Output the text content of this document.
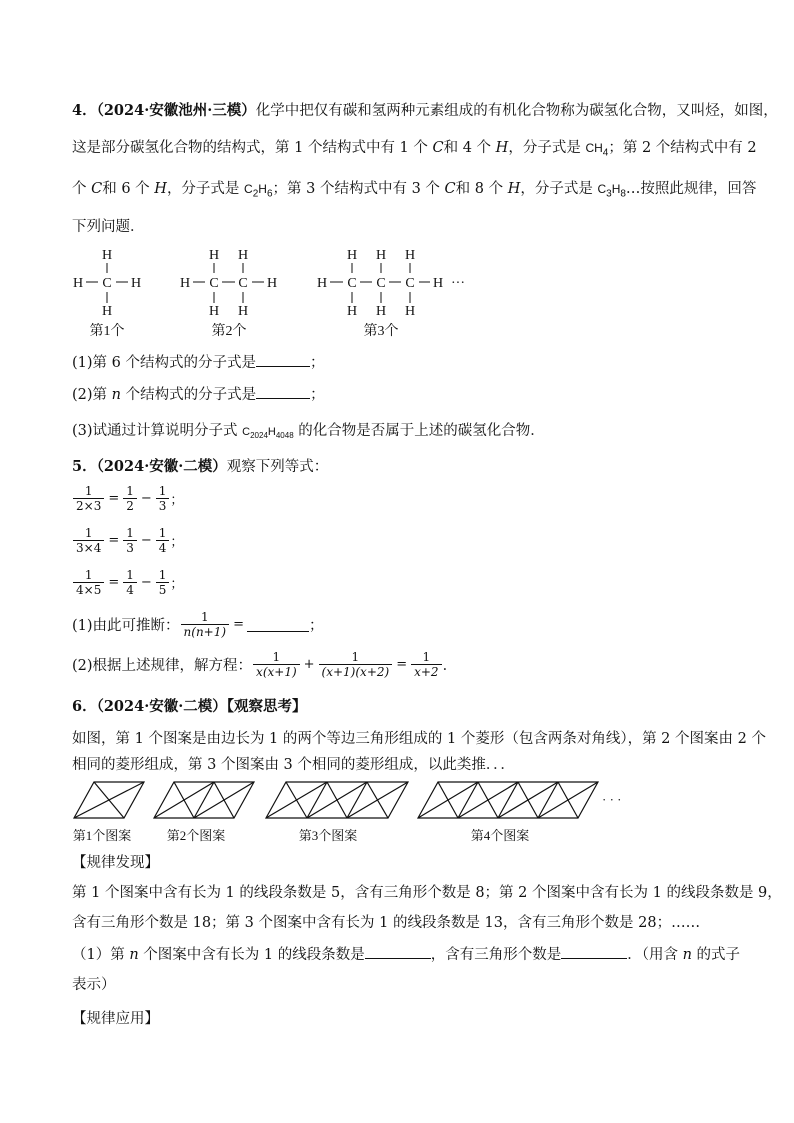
4．（2024·安徽池州·三模）化学中把仅有碳和氢两种元素组成的有机化合物称为碳氢化合物，又叫烃，如图，
这是部分碳氢化合物的结构式，第 1 个结构式中有 1 个 C和 4 个 H，分子式是 $CH_4$；第 2 个结构式中有 2
个 C和 6 个 H，分子式是 $C_2H_6$；第 3 个结构式中有 3 个 C和 8 个 H，分子式是 $C_3H_8\dots$按照此规律，回答
下列问题．
H
H C H
H
第1个
H H
H C C H
H H
第2个
H H H
H C C C H ···
H H H
第3个
(1)第 6 个结构式的分子式是	；
(2)第 n 个结构式的分子式是	；
(3)试通过计算说明分子式 $C_{2024}H_{4048}$ 的化合物是否属于上述的碳氢化合物．
5．（2024·安徽·二模）观察下列等式：
$\frac{1}{2\times 3} = \frac{1}{2} - \frac{1}{3}$ ；
$\frac{1}{3\times 4} = \frac{1}{3} - \frac{1}{4}$ ；
$\frac{1}{4\times 5} = \frac{1}{4} - \frac{1}{5}$ ；
(1)由此可推断： $\frac{1}{n(n+1)}$ =	；
(2)根据上述规律，解方程： $\frac{1}{x(x+1)} + \frac{1}{(x+1)(x+2)} = \frac{1}{x+2}$ ．
6．（2024·安徽·二模）【观察思考】
如图，第 1 个图案是由边长为 1 的两个等边三角形组成的 1 个菱形（包含两条对角线），第 2 个图案由 2 个
相同的菱形组成，第 3 个图案由 3 个相同的菱形组成，以此类推．．．
· · ·
第1个图案	第2个图案	第3个图案	第4个图案
【规律发现】
第 1 个图案中含有长为 1 的线段条数是 5，含有三角形个数是 8；第 2 个图案中含有长为 1 的线段条数是 9，
含有三角形个数是 18；第 3 个图案中含有长为 1 的线段条数是 13，含有三角形个数是 28；……
（1）第 n 个图案中含有长为 1 的线段条数是	，含有三角形个数是	．（用含 n 的式子
表示）
【规律应用】
